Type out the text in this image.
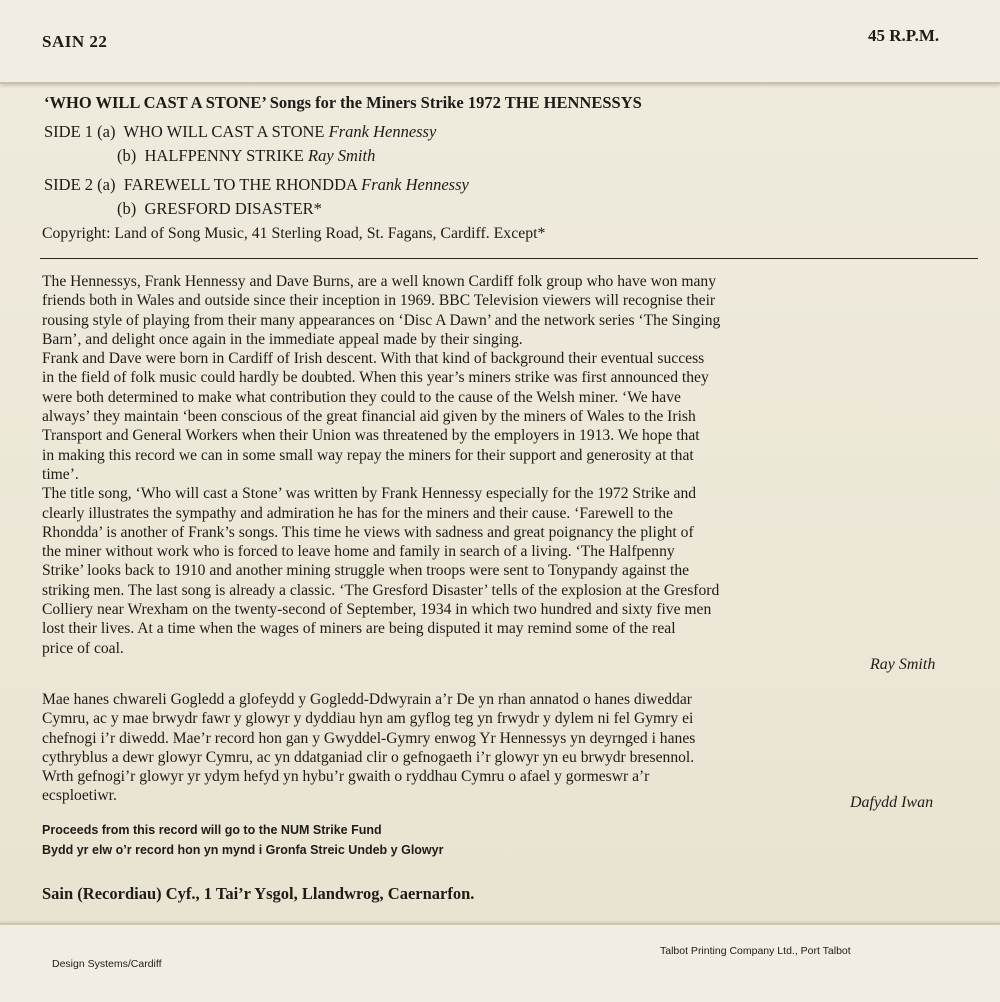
SAIN 22	45 R.P.M.
‘WHO WILL CAST A STONE’ Songs for the Miners Strike 1972 THE HENNESSYS
SIDE 1 (a) WHO WILL CAST A STONE Frank Hennessy
(b) HALFPENNY STRIKE Ray Smith
SIDE 2 (a) FAREWELL TO THE RHONDDA Frank Hennessy
(b) GRESFORD DISASTER*
Copyright: Land of Song Music, 41 Sterling Road, St. Fagans, Cardiff. Except*
The Hennessys, Frank Hennessy and Dave Burns, are a well known Cardiff folk group who have won many
friends both in Wales and outside since their inception in 1969. BBC Television viewers will recognise their
rousing style of playing from their many appearances on ‘Disc A Dawn’ and the network series ‘The Singing
Barn’, and delight once again in the immediate appeal made by their singing.
Frank and Dave were born in Cardiff of Irish descent. With that kind of background their eventual success
in the field of folk music could hardly be doubted. When this year’s miners strike was first announced they
were both determined to make what contribution they could to the cause of the Welsh miner. ‘We have
always’ they maintain ‘been conscious of the great financial aid given by the miners of Wales to the Irish
Transport and General Workers when their Union was threatened by the employers in 1913. We hope that
in making this record we can in some small way repay the miners for their support and generosity at that
time’.
The title song, ‘Who will cast a Stone’ was written by Frank Hennessy especially for the 1972 Strike and
clearly illustrates the sympathy and admiration he has for the miners and their cause. ‘Farewell to the
Rhondda’ is another of Frank’s songs. This time he views with sadness and great poignancy the plight of
the miner without work who is forced to leave home and family in search of a living. ‘The Halfpenny
Strike’ looks back to 1910 and another mining struggle when troops were sent to Tonypandy against the
striking men. The last song is already a classic. ‘The Gresford Disaster’ tells of the explosion at the Gresford
Colliery near Wrexham on the twenty-second of September, 1934 in which two hundred and sixty five men
lost their lives. At a time when the wages of miners are being disputed it may remind some of the real
price of coal.
Ray Smith
Mae hanes chwareli Gogledd a glofeydd y Gogledd-Ddwyrain a’r De yn rhan annatod o hanes diweddar
Cymru, ac y mae brwydr fawr y glowyr y dyddiau hyn am gyflog teg yn frwydr y dylem ni fel Gymry ei
chefnogi i’r diwedd. Mae’r record hon gan y Gwyddel-Gymry enwog Yr Hennessys yn deyrnged i hanes
cythryblus a dewr glowyr Cymru, ac yn ddatganiad clir o gefnogaeth i’r glowyr yn eu brwydr bresennol.
Wrth gefnogi’r glowyr yr ydym hefyd yn hybu’r gwaith o ryddhau Cymru o afael y gormeswr a’r
ecsploetiwr.	Dafydd Iwan
Proceeds from this record will go to the NUM Strike Fund
Bydd yr elw o’r record hon yn mynd i Gronfa Streic Undeb y Glowyr
Sain (Recordiau) Cyf., 1 Tai’r Ysgol, Llandwrog, Caernarfon.
Design Systems/Cardiff
Talbot Printing Company Ltd., Port Talbot
